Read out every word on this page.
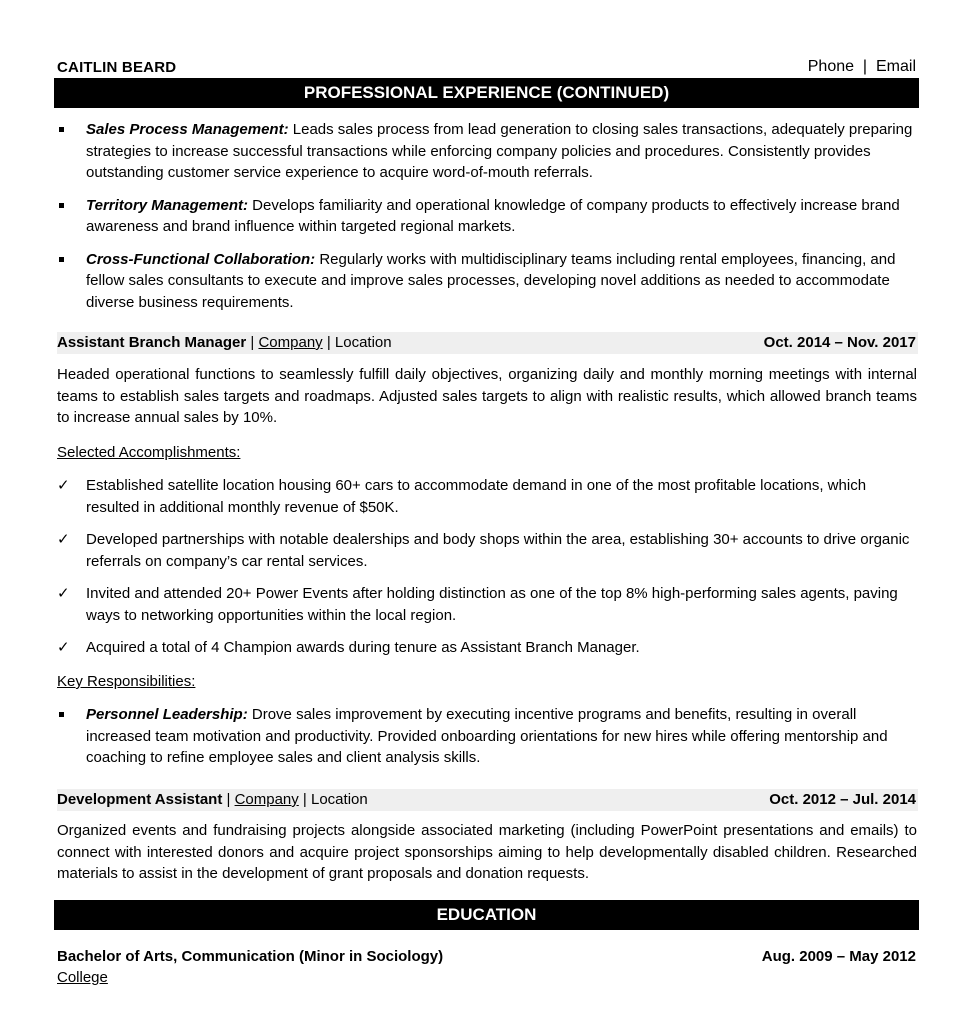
CAITLIN BEARD	Phone | Email
PROFESSIONAL EXPERIENCE (CONTINUED)
Sales Process Management: Leads sales process from lead generation to closing sales transactions, adequately preparing strategies to increase successful transactions while enforcing company policies and procedures. Consistently provides outstanding customer service experience to acquire word-of-mouth referrals.
Territory Management: Develops familiarity and operational knowledge of company products to effectively increase brand awareness and brand influence within targeted regional markets.
Cross-Functional Collaboration: Regularly works with multidisciplinary teams including rental employees, financing, and fellow sales consultants to execute and improve sales processes, developing novel additions as needed to accommodate diverse business requirements.
Assistant Branch Manager | Company | Location	Oct. 2014 – Nov. 2017
Headed operational functions to seamlessly fulfill daily objectives, organizing daily and monthly morning meetings with internal teams to establish sales targets and roadmaps. Adjusted sales targets to align with realistic results, which allowed branch teams to increase annual sales by 10%.
Selected Accomplishments:
✓ Established satellite location housing 60+ cars to accommodate demand in one of the most profitable locations, which resulted in additional monthly revenue of $50K.
✓ Developed partnerships with notable dealerships and body shops within the area, establishing 30+ accounts to drive organic referrals on company’s car rental services.
✓ Invited and attended 20+ Power Events after holding distinction as one of the top 8% high-performing sales agents, paving ways to networking opportunities within the local region.
✓ Acquired a total of 4 Champion awards during tenure as Assistant Branch Manager.
Key Responsibilities:
Personnel Leadership: Drove sales improvement by executing incentive programs and benefits, resulting in overall increased team motivation and productivity. Provided onboarding orientations for new hires while offering mentorship and coaching to refine employee sales and client analysis skills.
Development Assistant | Company | Location	Oct. 2012 – Jul. 2014
Organized events and fundraising projects alongside associated marketing (including PowerPoint presentations and emails) to connect with interested donors and acquire project sponsorships aiming to help developmentally disabled children. Researched materials to assist in the development of grant proposals and donation requests.
EDUCATION
Bachelor of Arts, Communication (Minor in Sociology)	Aug. 2009 – May 2012
College
